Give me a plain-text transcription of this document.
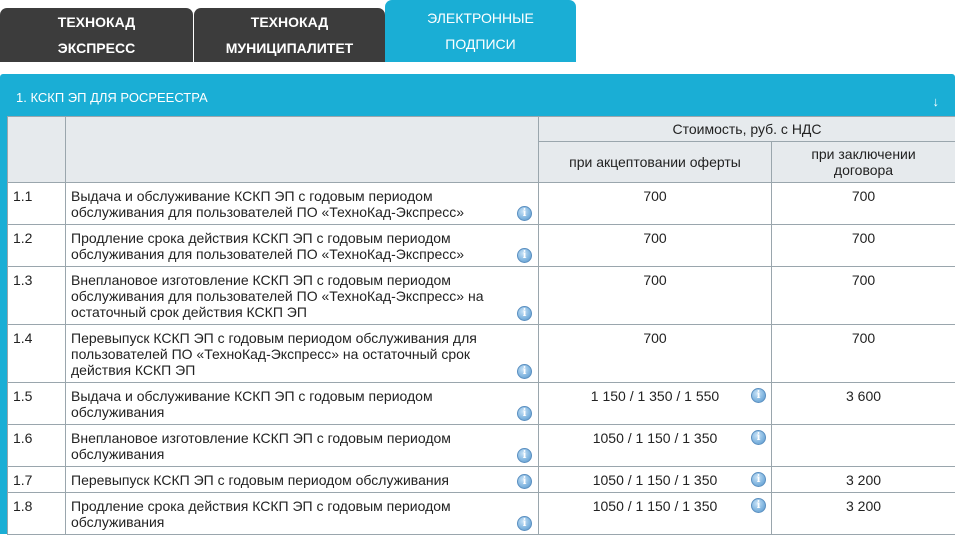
ТЕХНОКАД
ЭКСПРЕСС
ТЕХНОКАД
МУНИЦИПАЛИТЕТ
ЭЛЕКТРОННЫЕ
ПОДПИСИ
1. КСКП ЭП ДЛЯ РОСРЕЕСТРА	↓
		Стоимость, руб. с НДС	
		при акцептовании оферты	при заключении договора
1.1	Выдача и обслуживание КСКП ЭП с годовым периодом обслуживания для пользователей ПО «ТехноКад-Экспресс» i	700	700
1.2	Продление срока действия КСКП ЭП с годовым периодом обслуживания для пользователей ПО «ТехноКад-Экспресс» i	700	700
1.3	Внеплановое изготовление КСКП ЭП с годовым периодом обслуживания для пользователей ПО «ТехноКад-Экспресс» на остаточный срок действия КСКП ЭП i	700	700
1.4	Перевыпуск КСКП ЭП с годовым периодом обслуживания для пользователей ПО «ТехноКад-Экспресс» на остаточный срок действия КСКП ЭП i	700	700
1.5	Выдача и обслуживание КСКП ЭП с годовым периодом обслуживания i	1 150 / 1 350 / 1 550 i	3 600
1.6	Внеплановое изготовление КСКП ЭП с годовым периодом обслуживания i	1050 / 1 150 / 1 350 i	

1.7	Перевыпуск КСКП ЭП с годовым периодом обслуживания i	1050 / 1 150 / 1 350 i	3 200
1.8	Продление срока действия КСКП ЭП с годовым периодом обслуживания i	1050 / 1 150 / 1 350 i	3 200
